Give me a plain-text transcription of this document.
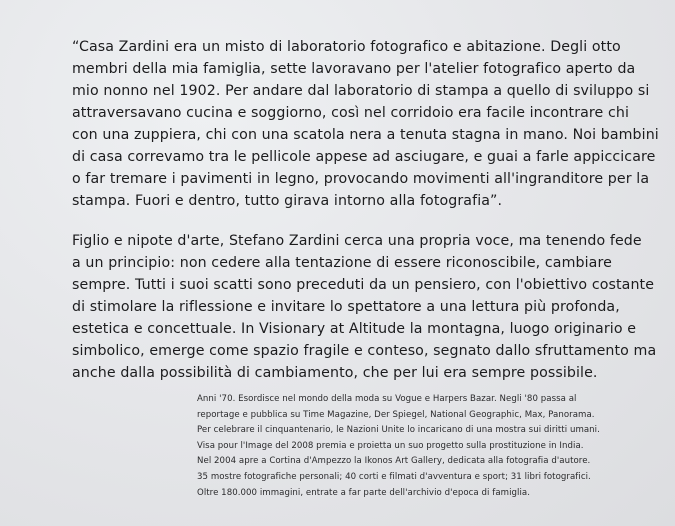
“Casa Zardini era un misto di laboratorio fotografico e abitazione. Degli otto
membri della mia famiglia, sette lavoravano per l'atelier fotografico aperto da
mio nonno nel 1902. Per andare dal laboratorio di stampa a quello di sviluppo si
attraversavano cucina e soggiorno, così nel corridoio era facile incontrare chi
con una zuppiera, chi con una scatola nera a tenuta stagna in mano. Noi bambini
di casa correvamo tra le pellicole appese ad asciugare, e guai a farle appiccicare
o far tremare i pavimenti in legno, provocando movimenti all'ingranditore per la
stampa. Fuori e dentro, tutto girava intorno alla fotografia”.
Figlio e nipote d'arte, Stefano Zardini cerca una propria voce, ma tenendo fede
a un principio: non cedere alla tentazione di essere riconoscibile, cambiare
sempre. Tutti i suoi scatti sono preceduti da un pensiero, con l'obiettivo costante
di stimolare la riflessione e invitare lo spettatore a una lettura più profonda,
estetica e concettuale. In Visionary at Altitude la montagna, luogo originario e
simbolico, emerge come spazio fragile e conteso, segnato dallo sfruttamento ma
anche dalla possibilità di cambiamento, che per lui era sempre possibile.
Anni '70. Esordisce nel mondo della moda su Vogue e Harpers Bazar. Negli '80 passa al
reportage e pubblica su Time Magazine, Der Spiegel, National Geographic, Max, Panorama.
Per celebrare il cinquantenario, le Nazioni Unite lo incaricano di una mostra sui diritti umani.
Visa pour l'Image del 2008 premia e proietta un suo progetto sulla prostituzione in India.
Nel 2004 apre a Cortina d'Ampezzo la Ikonos Art Gallery, dedicata alla fotografia d'autore.
35 mostre fotografiche personali; 40 corti e filmati d'avventura e sport; 31 libri fotografici.
Oltre 180.000 immagini, entrate a far parte dell'archivio d'epoca di famiglia.
